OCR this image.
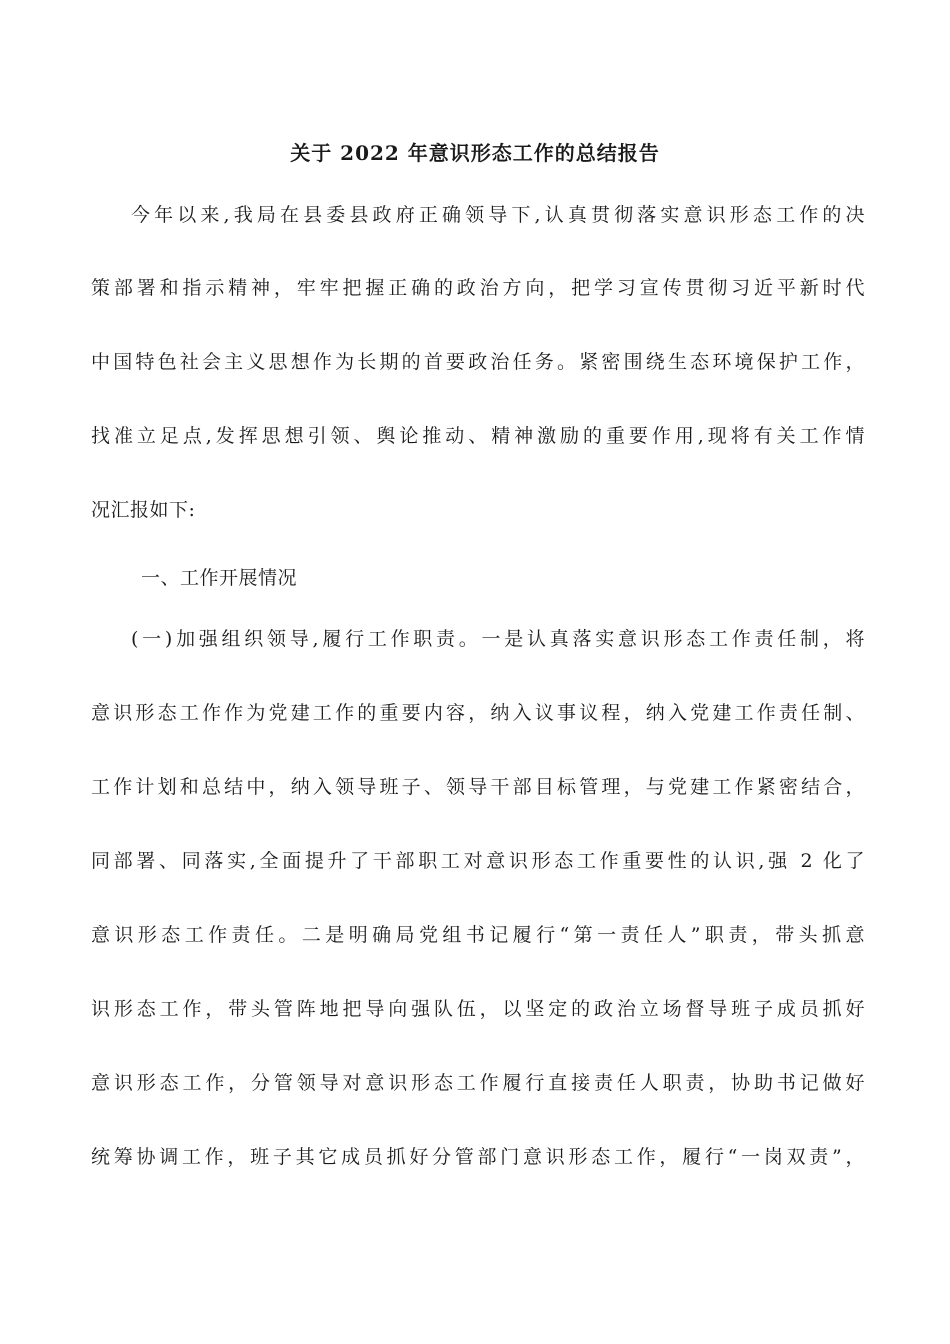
关于 2022 年意识形态工作的总结报告
今年以来,我局在县委县政府正确领导下,认真贯彻落实意识形态工作的决
策部署和指示精神，牢牢把握正确的政治方向，把学习宣传贯彻习近平新时代
中国特色社会主义思想作为长期的首要政治任务。紧密围绕生态环境保护工作，
找准立足点,发挥思想引领、舆论推动、精神激励的重要作用,现将有关工作情
况汇报如下:
一、工作开展情况
(一)加强组织领导,履行工作职责。一是认真落实意识形态工作责任制，将
意识形态工作作为党建工作的重要内容，纳入议事议程，纳入党建工作责任制、
工作计划和总结中，纳入领导班子、领导干部目标管理，与党建工作紧密结合，
同部署、同落实,全面提升了干部职工对意识形态工作重要性的认识,强 2 化了
意识形态工作责任。二是明确局党组书记履行“第一责任人”职责，带头抓意
识形态工作，带头管阵地把导向强队伍，以坚定的政治立场督导班子成员抓好
意识形态工作，分管领导对意识形态工作履行直接责任人职责，协助书记做好
统筹协调工作，班子其它成员抓好分管部门意识形态工作，履行“一岗双责”，
